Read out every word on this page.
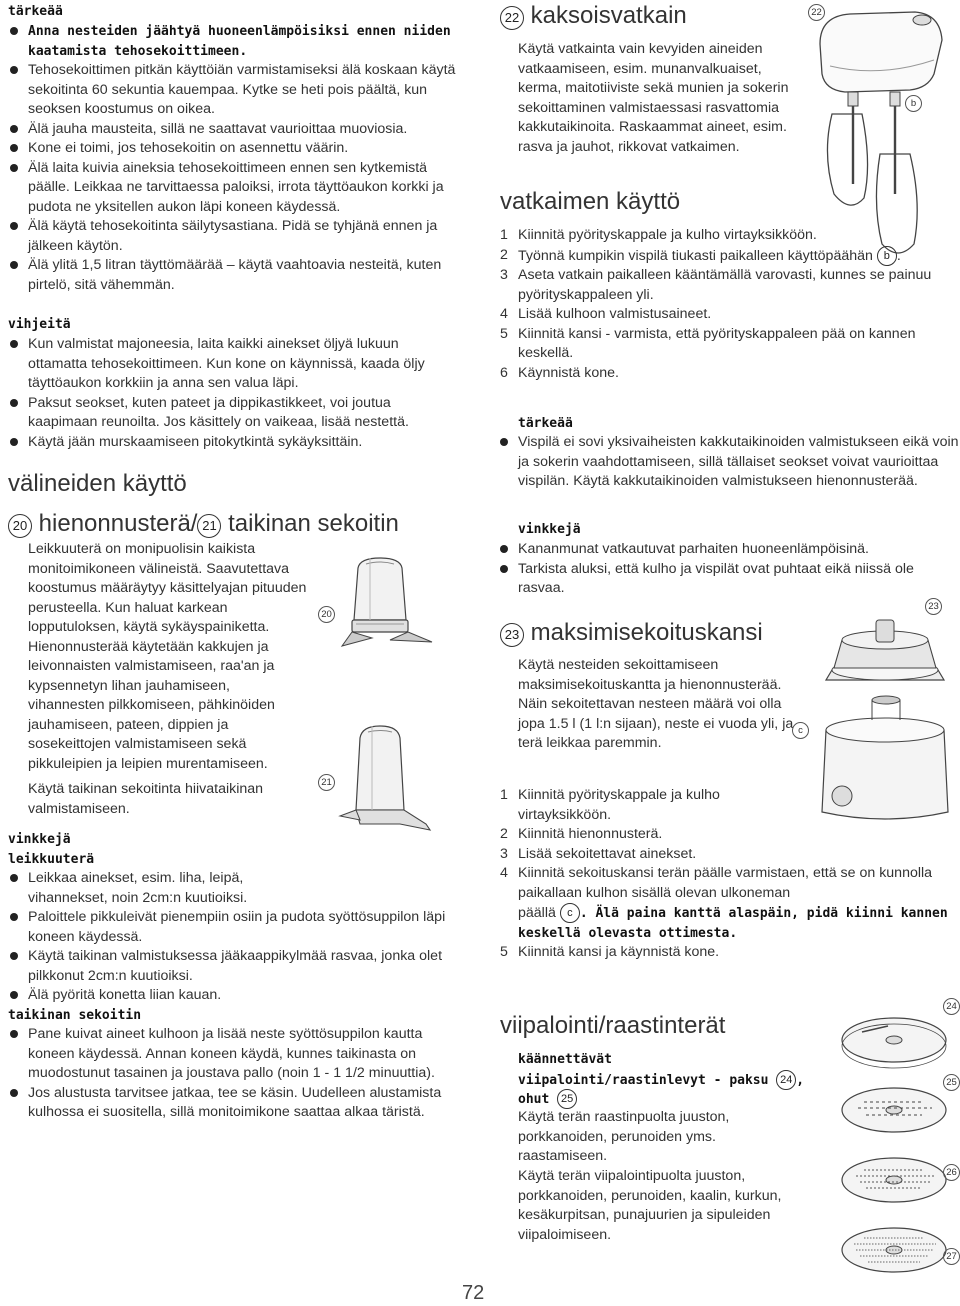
tärkeää
Anna nesteiden jäähtyä huoneenlämpöisiksi ennen niiden kaatamista tehosekoittimeen.
Tehosekoittimen pitkän käyttöiän varmistamiseksi älä koskaan käytä sekoitinta 60 sekuntia kauempaa. Kytke se heti pois päältä, kun seoksen koostumus on oikea.
Älä jauha mausteita, sillä ne saattavat vaurioittaa muoviosia.
Kone ei toimi, jos tehosekoitin on asennettu väärin.
Älä laita kuivia aineksia tehosekoittimeen ennen sen kytkemistä päälle. Leikkaa ne tarvittaessa paloiksi, irrota täyttöaukon korkki ja pudota ne yksitellen aukon läpi koneen käydessä.
Älä käytä tehosekoitinta säilytysastiana. Pidä se tyhjänä ennen ja jälkeen käytön.
Älä ylitä 1,5 litran täyttömäärää – käytä vaahtoavia nesteitä, kuten pirtelö, sitä vähemmän.
vihjeitä
Kun valmistat majoneesia, laita kaikki ainekset öljyä lukuun ottamatta tehosekoittimeen. Kun kone on käynnissä, kaada öljy täyttöaukon korkkiin ja anna sen valua läpi.
Paksut seokset, kuten pateet ja dippikastikkeet, voi joutua kaapimaan reunoilta. Jos käsittely on vaikeaa, lisää nestettä.
Käytä jään murskaamiseen pitokytkintä sykäyksittäin.
välineiden käyttö
20 hienonnusterä/ 21 taikinan sekoitin
Leikkuuterä on monipuolisin kaikista monitoimikoneen välineistä. Saavutettava koostumus määräytyy käsittelyajan pituuden perusteella. Kun haluat karkean lopputuloksen, käytä sykäyspainiketta. Hienonnusterää käytetään kakkujen ja leivonnaisten valmistamiseen, raa'an ja kypsennetyn lihan jauhamiseen, vihannesten pilkkomiseen, pähkinöiden jauhamiseen, pateen, dippien ja sosekeittojen valmistamiseen sekä pikkuleipien ja leipien murentamiseen.
Käytä taikinan sekoitinta hiivataikinan valmistamiseen.
vinkkejä
leikkuuterä
Leikkaa ainekset, esim. liha, leipä, vihannekset, noin 2cm:n kuutioiksi.
Paloittele pikkuleivät pienempiin osiin ja pudota syöttösuppilon läpi koneen käydessä.
Käytä taikinan valmistuksessa jääkaappikylmää rasvaa, jonka olet pilkkonut 2cm:n kuutioiksi.
Älä pyöritä konetta liian kauan.
taikinan sekoitin
Pane kuivat aineet kulhoon ja lisää neste syöttösuppilon kautta koneen käydessä. Annan koneen käydä, kunnes taikinasta on muodostunut tasainen ja joustava pallo (noin 1 - 1 1/2 minuuttia).
Jos alustusta tarvitsee jatkaa, tee se käsin. Uudelleen alustamista kulhossa ei suositella, sillä monitoimikone saattaa alkaa täristä.
20
21
22 kaksoisvatkain
Käytä vatkainta vain kevyiden aineiden vatkaamiseen, esim. munanvalkuaiset, kerma, maitotiiviste sekä munien ja sokerin sekoittaminen valmistaessasi rasvattomia kakkutaikinoita. Raskaammat aineet, esim. rasva ja jauhot, rikkovat vatkaimen.
22
b
vatkaimen käyttö
1 Kiinnitä pyörityskappale ja kulho virtayksikköön.
2 Työnnä kumpikin vispilä tiukasti paikalleen käyttöpäähän b .
3 Aseta vatkain paikalleen kääntämällä varovasti, kunnes se painuu pyörityskappaleen yli.
4 Lisää kulhoon valmistusaineet.
5 Kiinnitä kansi - varmista, että pyörityskappaleen pää on kannen keskellä.
6 Käynnistä kone.
tärkeää
Vispilä ei sovi yksivaiheisten kakkutaikinoiden valmistukseen eikä voin ja sokerin vaahdottamiseen, sillä tällaiset seokset voivat vaurioittaa vispilän. Käytä kakkutaikinoiden valmistukseen hienonnusterää.
vinkkejä
Kananmunat vatkautuvat parhaiten huoneenlämpöisinä.
Tarkista aluksi, että kulho ja vispilät ovat puhtaat eikä niissä ole rasvaa.
23 maksimisekoituskansi
Käytä nesteiden sekoittamiseen maksimisekoituskantta ja hienonnusterää. Näin sekoitettavan nesteen määrä voi olla jopa 1.5 l (1 l:n sijaan), neste ei vuoda yli, ja terä leikkaa paremmin.
23
c
1 Kiinnitä pyörityskappale ja kulho virtayksikköön.
2 Kiinnitä hienonnusterä.
3 Lisää sekoitettavat ainekset.
4 Kiinnitä sekoituskansi terän päälle varmistaen, että se on kunnolla paikallaan kulhon sisällä olevan ulkoneman
päällä c . Älä paina kanttä alaspäin, pidä kiinni kannen keskellä olevasta ottimesta.
5 Kiinnitä kansi ja käynnistä kone.
viipalointi/raastinterät
käännettävät
viipalointi/raastinlevyt - paksu 24 ,
ohut 25
Käytä terän raastinpuolta juuston, porkkanoiden, perunoiden yms. raastamiseen.
Käytä terän viipalointipuolta juuston, porkkanoiden, perunoiden, kaalin, kurkun, kesäkurpitsan, punajuurien ja sipuleiden viipaloimiseen.
24
25
26
27
72
